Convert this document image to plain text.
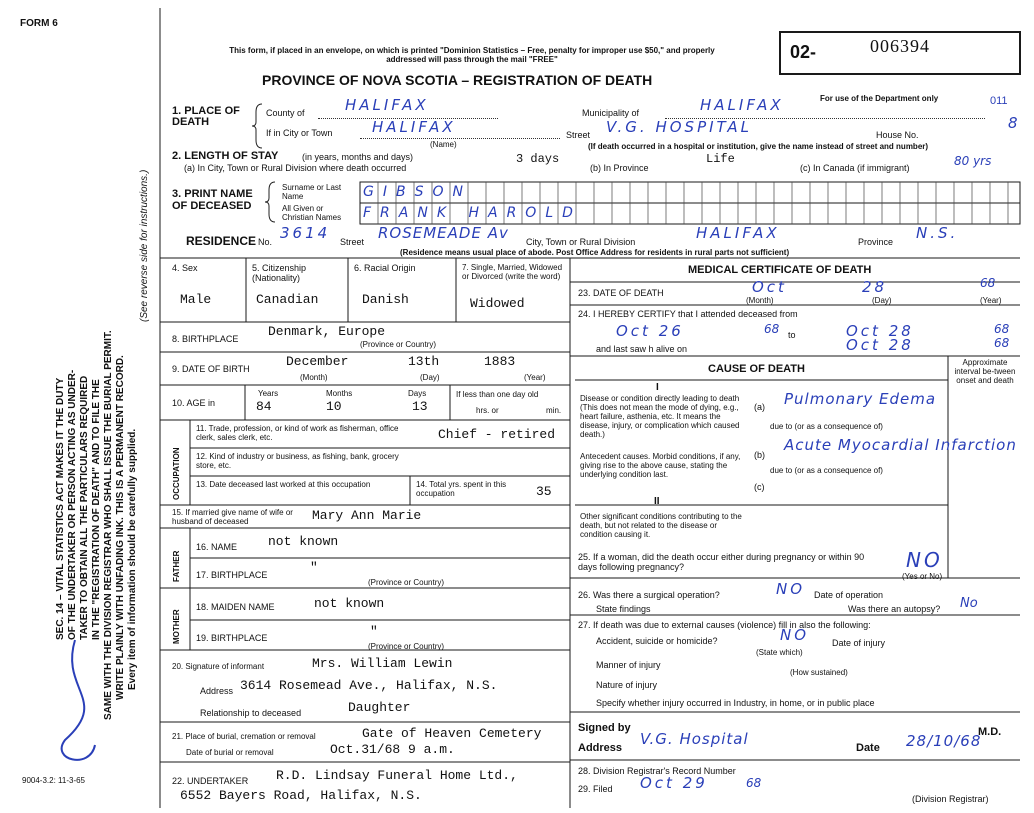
FORM 6
This form, if placed in an envelope, on which is printed "Dominion Statistics – Free, penalty for improper use $50," and properly addressed will pass through the mail "FREE"
PROVINCE OF NOVA SCOTIA – REGISTRATION OF DEATH
02-	006394
For use of the Department only	011
SEC. 14 – VITAL STATISTICS ACT MAKES IT THE DUTY OF THE UNDERTAKER OR PERSON ACTING AS UNDER- TAKER TO OBTAIN ALL THE PARTICULARS REQUIRED IN THE "REGISTRATION OF DEATH" AND TO FILE THE SAME WITH THE DIVISION REGISTRAR WHO SHALL ISSUE THE BURIAL PERMIT. WRITE PLAINLY WITH UNFADING INK. THIS IS A PERMANENT RECORD. Every item of information should be carefully supplied.
(See reverse side for instructions.)
1. PLACE OF DEATH
County of	HALIFAX	Municipality of	HALIFAX
If in City or Town	HALIFAX
(Name)
Street V.G. HOSPITAL	House No.
8
(If death occurred in a hospital or institution, give the name instead of street and number)
2. LENGTH OF STAY	(in years, months and days)
(a) In City, Town or Rural Division where death occurred
3 days
(b) In Province
Life
(c) In Canada (if immigrant)	80 yrs
3. PRINT NAME OF DECEASED
Surname or Last Name	GIBSON
All Given or Christian Names	FRANK HAROLD
RESIDENCE No. 3614 Street ROSEMEADE Av City, Town or Rural Division	HALIFAX	Province N.S.
(Residence means usual place of abode. Post Office Address for residents in rural parts not sufficient)
4. Sex
Male
5. Citizenship (Nationality)
Canadian
6. Racial Origin
Danish
7. Single, Married, Widowed or Divorced (write the word)
Widowed
8. BIRTHPLACE Denmark, Europe
(Province or Country)
9. DATE OF BIRTH	December	13th	1883
(Month)	(Day)	(Year)
10. AGE in
Years
84
Months
10
Days
13
If less than one day old
hrs. or	min.
OCCUPATION
11. Trade, profession, or kind of work as fisherman, office clerk, sales clerk, etc.	Chief - retired
12. Kind of industry or business, as fishing, bank, grocery store, etc.
13. Date deceased last worked at this occupation	14. Total yrs. spent in this occupation	35
15. If married give name of wife or husband of deceased	Mary Ann Marie
FATHER
16. NAME not known
17. BIRTHPLACE	"
(Province or Country)
MOTHER
18. MAIDEN NAME	not known
19. BIRTHPLACE	"
(Province or Country)
20. Signature of informant	Mrs. William Lewin
Address 3614 Rosemead Ave., Halifax, N.S.
Relationship to deceased	Daughter
21. Place of burial, cremation or removal	Gate of Heaven Cemetery
Date of burial or removal	Oct.31/68 9 a.m.
22. UNDERTAKER R.D. Lindsay Funeral Home Ltd.,
6552 Bayers Road, Halifax, N.S.
9004-3.2: 11-3-65
MEDICAL CERTIFICATE OF DEATH
23. DATE OF DEATH	Oct	28	68
(Month)	(Day)	(Year)
24. I HEREBY CERTIFY that I attended deceased from
Oct 26	68 to	Oct 28	68
and last saw h alive on	Oct 28	68
CAUSE OF DEATH
Approximate interval be-tween onset and death
I
Disease or condition directly leading to death (This does not mean the mode of dying, e.g., heart failure, asthenia, etc. It means the disease, injury, or complication which caused death.)
(a) Pulmonary Edema
due to (or as a consequence of)
Antecedent causes. Morbid conditions, if any, giving rise to the above cause, stating the underlying condition last.
(b)
Acute Myocardial Infarction
due to (or as a consequence of)
(c)
II
Other significant conditions contributing to the death, but not related to the disease or condition causing it.
25. If a woman, did the death occur either during pregnancy or within 90 days following pregnancy?	NO
(Yes or No)
26. Was there a surgical operation?	NO Date of operation
State findings	Was there an autopsy? No
27. If death was due to external causes (violence) fill in also the following:
Accident, suicide or homicide?	NO	Date of injury
(State which)
Manner of injury
Nature of injury
(How sustained)
Specify whether injury occurred in Industry, in home, or in public place
Signed by	M.D.
Address V.G. Hospital	Date 28/10/68
28. Division Registrar's Record Number
29. Filed Oct 29	68
(Division Registrar)
